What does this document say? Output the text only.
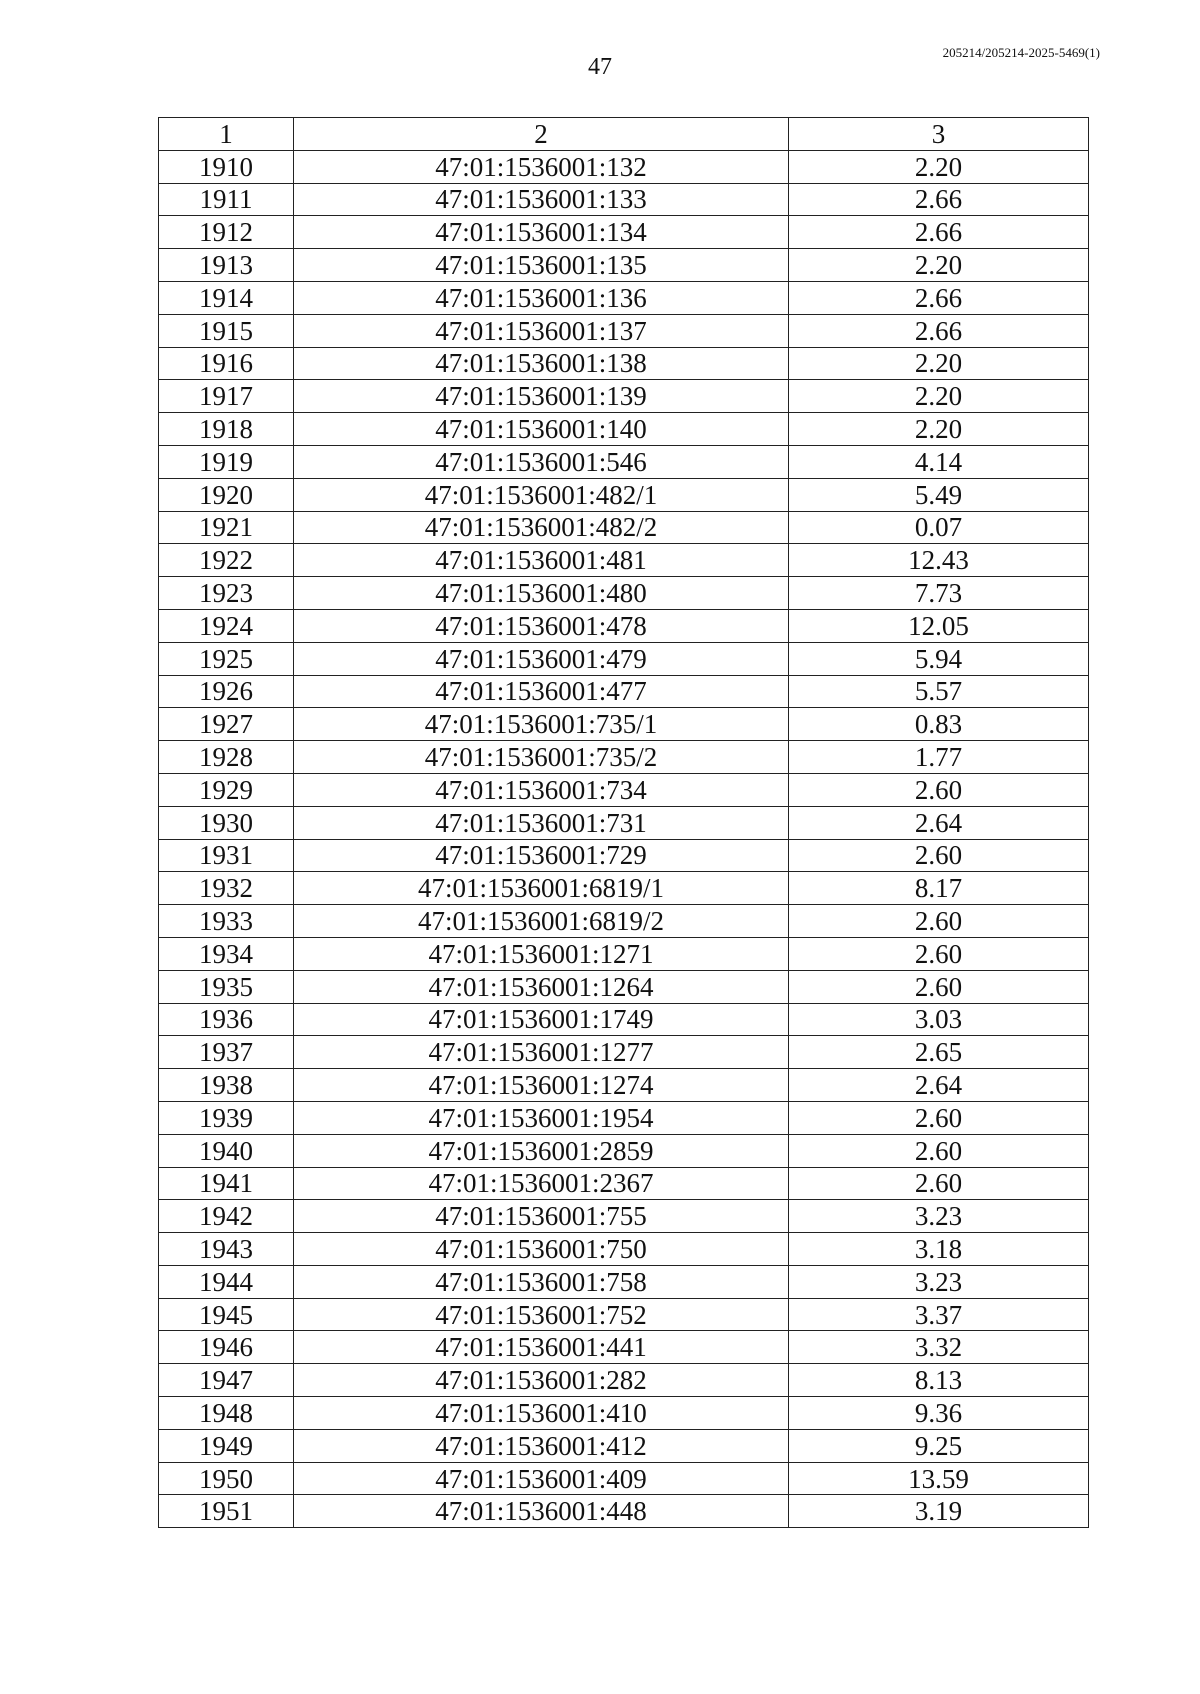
47
205214/205214-2025-5469(1)
1	2	3
1910	47:01:1536001:132	2.20
1911	47:01:1536001:133	2.66
1912	47:01:1536001:134	2.66
1913	47:01:1536001:135	2.20
1914	47:01:1536001:136	2.66
1915	47:01:1536001:137	2.66
1916	47:01:1536001:138	2.20
1917	47:01:1536001:139	2.20
1918	47:01:1536001:140	2.20
1919	47:01:1536001:546	4.14
1920	47:01:1536001:482/1	5.49
1921	47:01:1536001:482/2	0.07
1922	47:01:1536001:481	12.43
1923	47:01:1536001:480	7.73
1924	47:01:1536001:478	12.05
1925	47:01:1536001:479	5.94
1926	47:01:1536001:477	5.57
1927	47:01:1536001:735/1	0.83
1928	47:01:1536001:735/2	1.77
1929	47:01:1536001:734	2.60
1930	47:01:1536001:731	2.64
1931	47:01:1536001:729	2.60
1932	47:01:1536001:6819/1	8.17
1933	47:01:1536001:6819/2	2.60
1934	47:01:1536001:1271	2.60
1935	47:01:1536001:1264	2.60
1936	47:01:1536001:1749	3.03
1937	47:01:1536001:1277	2.65
1938	47:01:1536001:1274	2.64
1939	47:01:1536001:1954	2.60
1940	47:01:1536001:2859	2.60
1941	47:01:1536001:2367	2.60
1942	47:01:1536001:755	3.23
1943	47:01:1536001:750	3.18
1944	47:01:1536001:758	3.23
1945	47:01:1536001:752	3.37
1946	47:01:1536001:441	3.32
1947	47:01:1536001:282	8.13
1948	47:01:1536001:410	9.36
1949	47:01:1536001:412	9.25
1950	47:01:1536001:409	13.59
1951	47:01:1536001:448	3.19
